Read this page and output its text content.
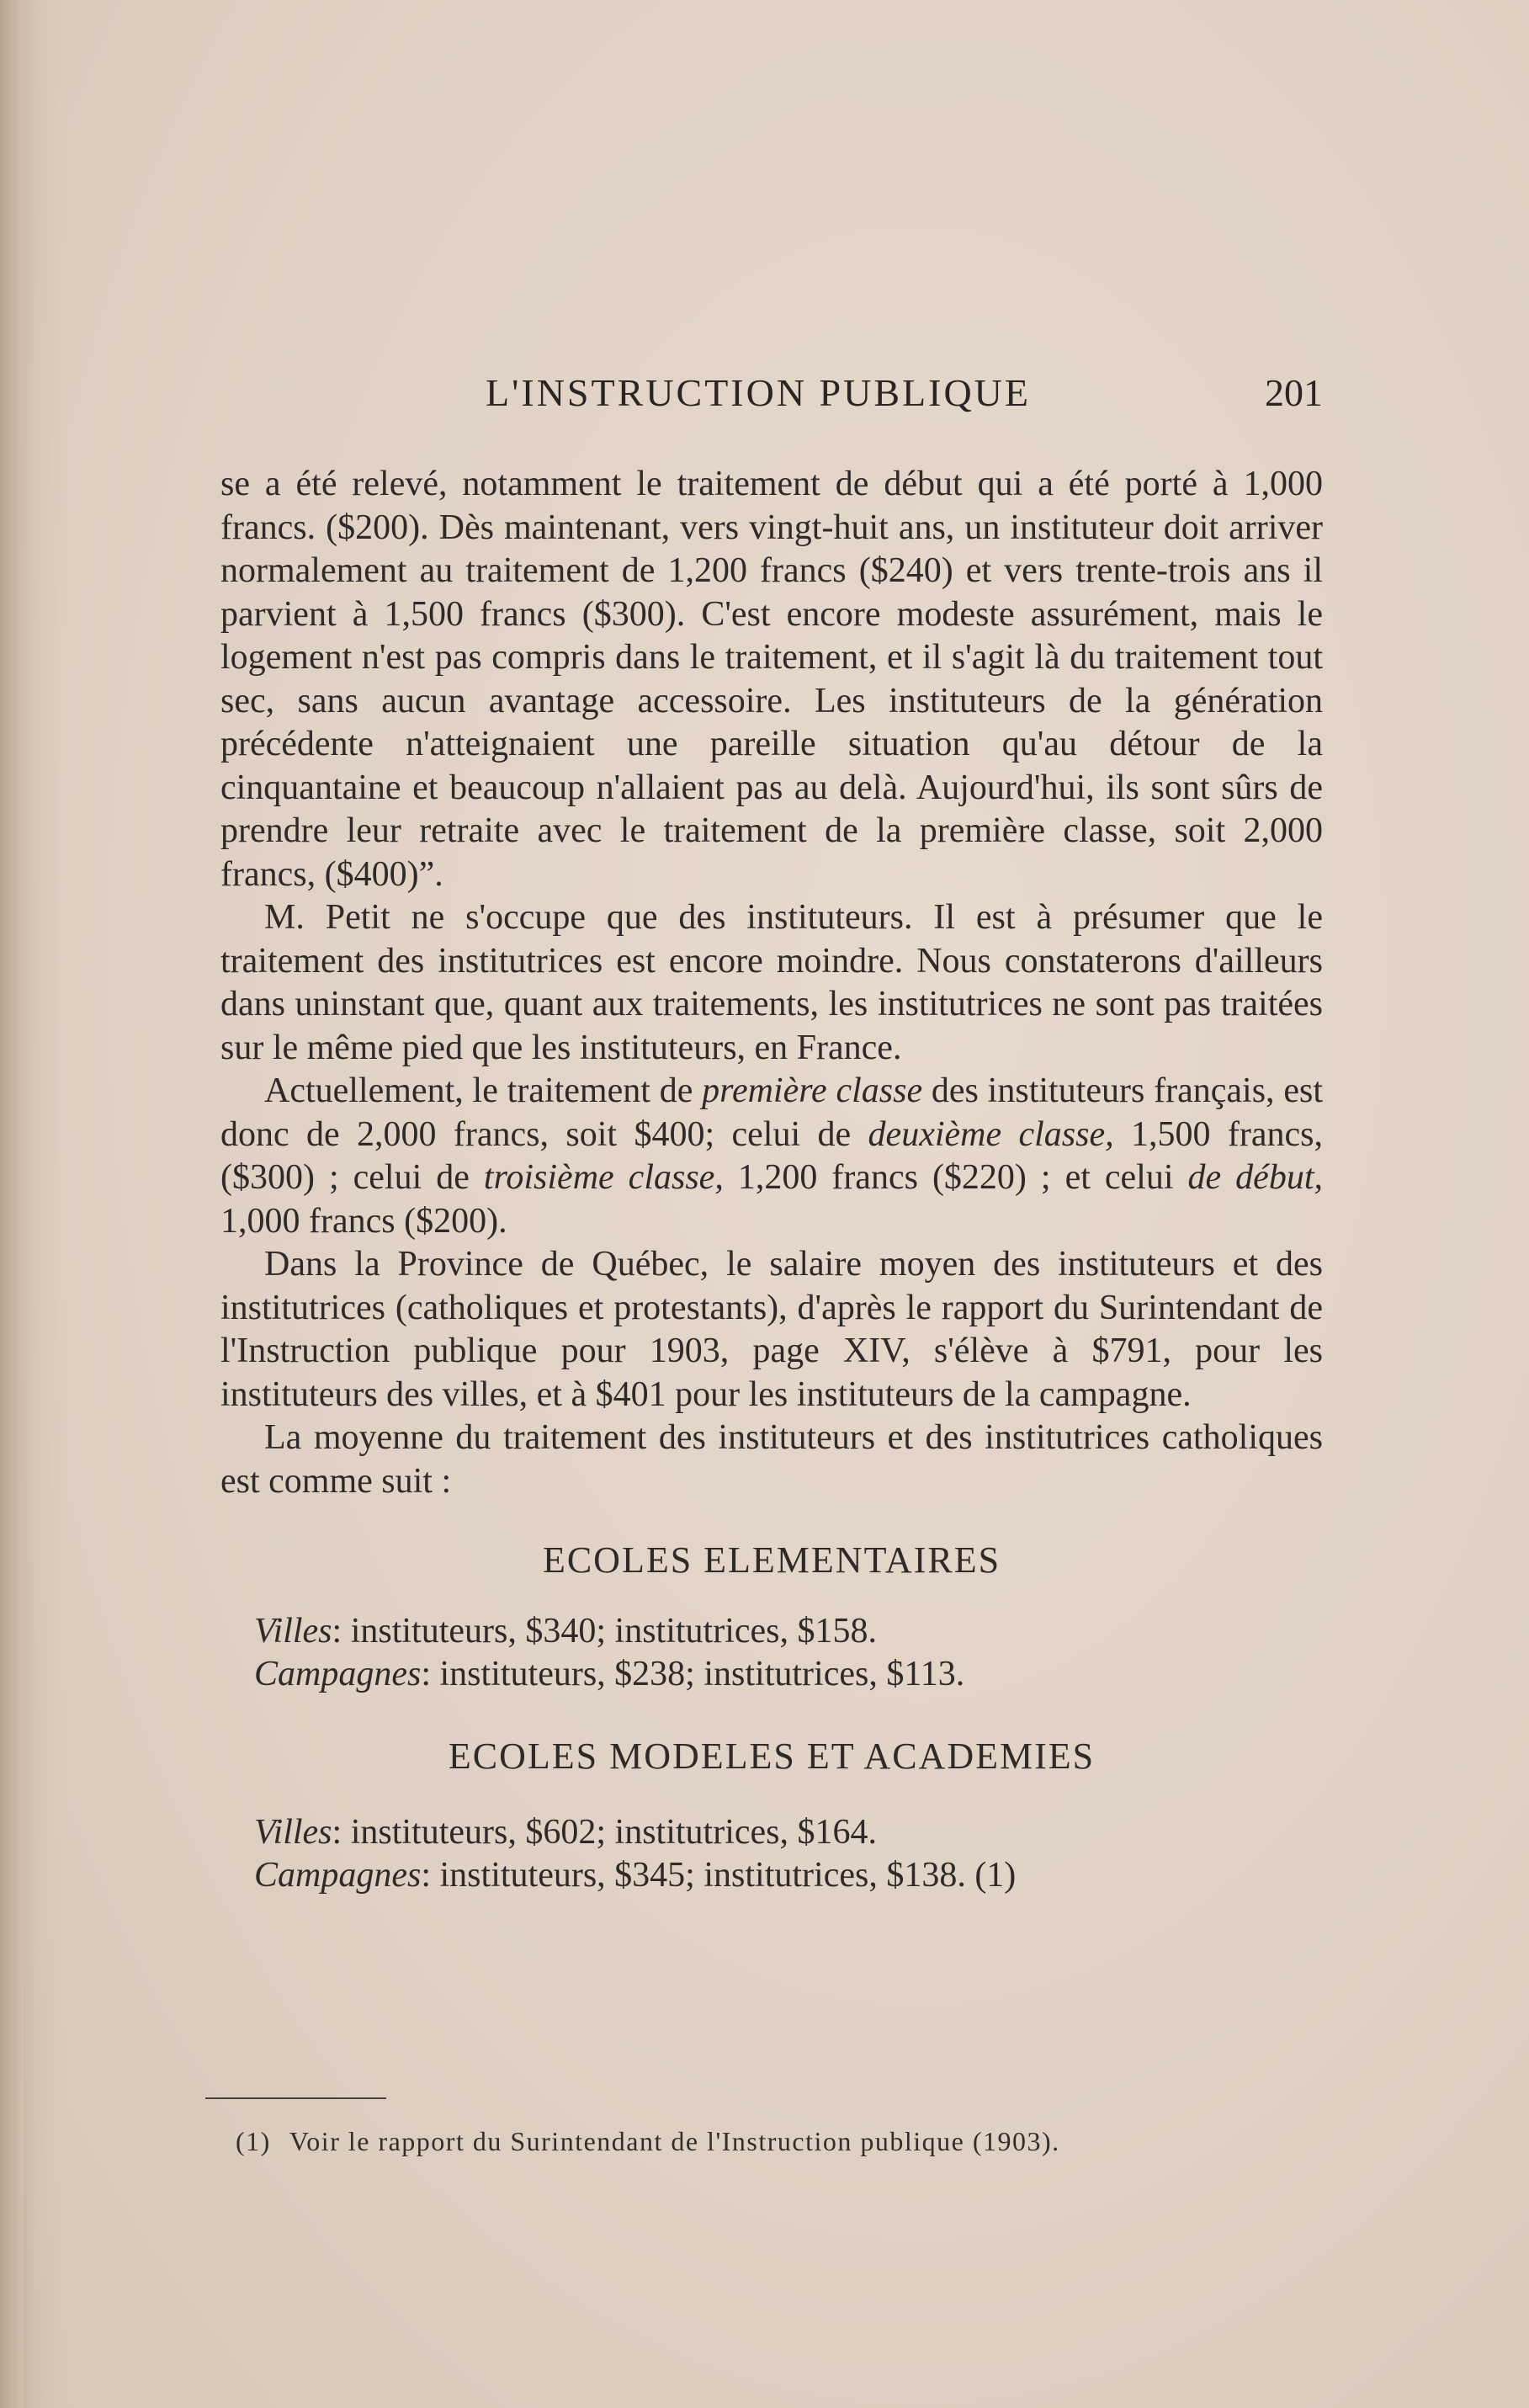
L'INSTRUCTION PUBLIQUE	201

se a été relevé, notamment le traitement de début qui a été porté à 1,000 francs. ($200). Dès maintenant, vers vingt-huit ans, un instituteur doit arriver normalement au traitement de 1,200 francs ($240) et vers trente-trois ans il parvient à 1,500 francs ($300). C'est encore modeste assurément, mais le logement n'est pas compris dans le traitement, et il s'agit là du traitement tout sec, sans aucun avantage accessoire. Les instituteurs de la génération précédente n'atteignaient une pareille situation qu'au détour de la cinquantaine et beaucoup n'allaient pas au delà. Aujourd'hui, ils sont sûrs de prendre leur retraite avec le traitement de la première classe, soit 2,000 francs, ($400)”.

M. Petit ne s'occupe que des instituteurs. Il est à présumer que le traitement des institutrices est encore moindre. Nous constaterons d'ailleurs dans uninstant que, quant aux traitements, les institutrices ne sont pas traitées sur le même pied que les instituteurs, en France.

Actuellement, le traitement de première classe des instituteurs français, est donc de 2,000 francs, soit $400; celui de deuxième classe, 1,500 francs, ($300) ; celui de troisième classe, 1,200 francs ($220) ; et celui de début, 1,000 francs ($200).

Dans la Province de Québec, le salaire moyen des instituteurs et des institutrices (catholiques et protestants), d'après le rapport du Surintendant de l'Instruction publique pour 1903, page XIV, s'élève à $791, pour les instituteurs des villes, et à $401 pour les instituteurs de la campagne.

La moyenne du traitement des instituteurs et des institutrices catholiques est comme suit :

ECOLES ELEMENTAIRES

Villes: instituteurs, $340; institutrices, $158.

Campagnes: instituteurs, $238; institutrices, $113.

ECOLES MODELES ET ACADEMIES

Villes: instituteurs, $602; institutrices, $164.

Campagnes: instituteurs, $345; institutrices, $138. (1)

(1) Voir le rapport du Surintendant de l'Instruction publique (1903).
